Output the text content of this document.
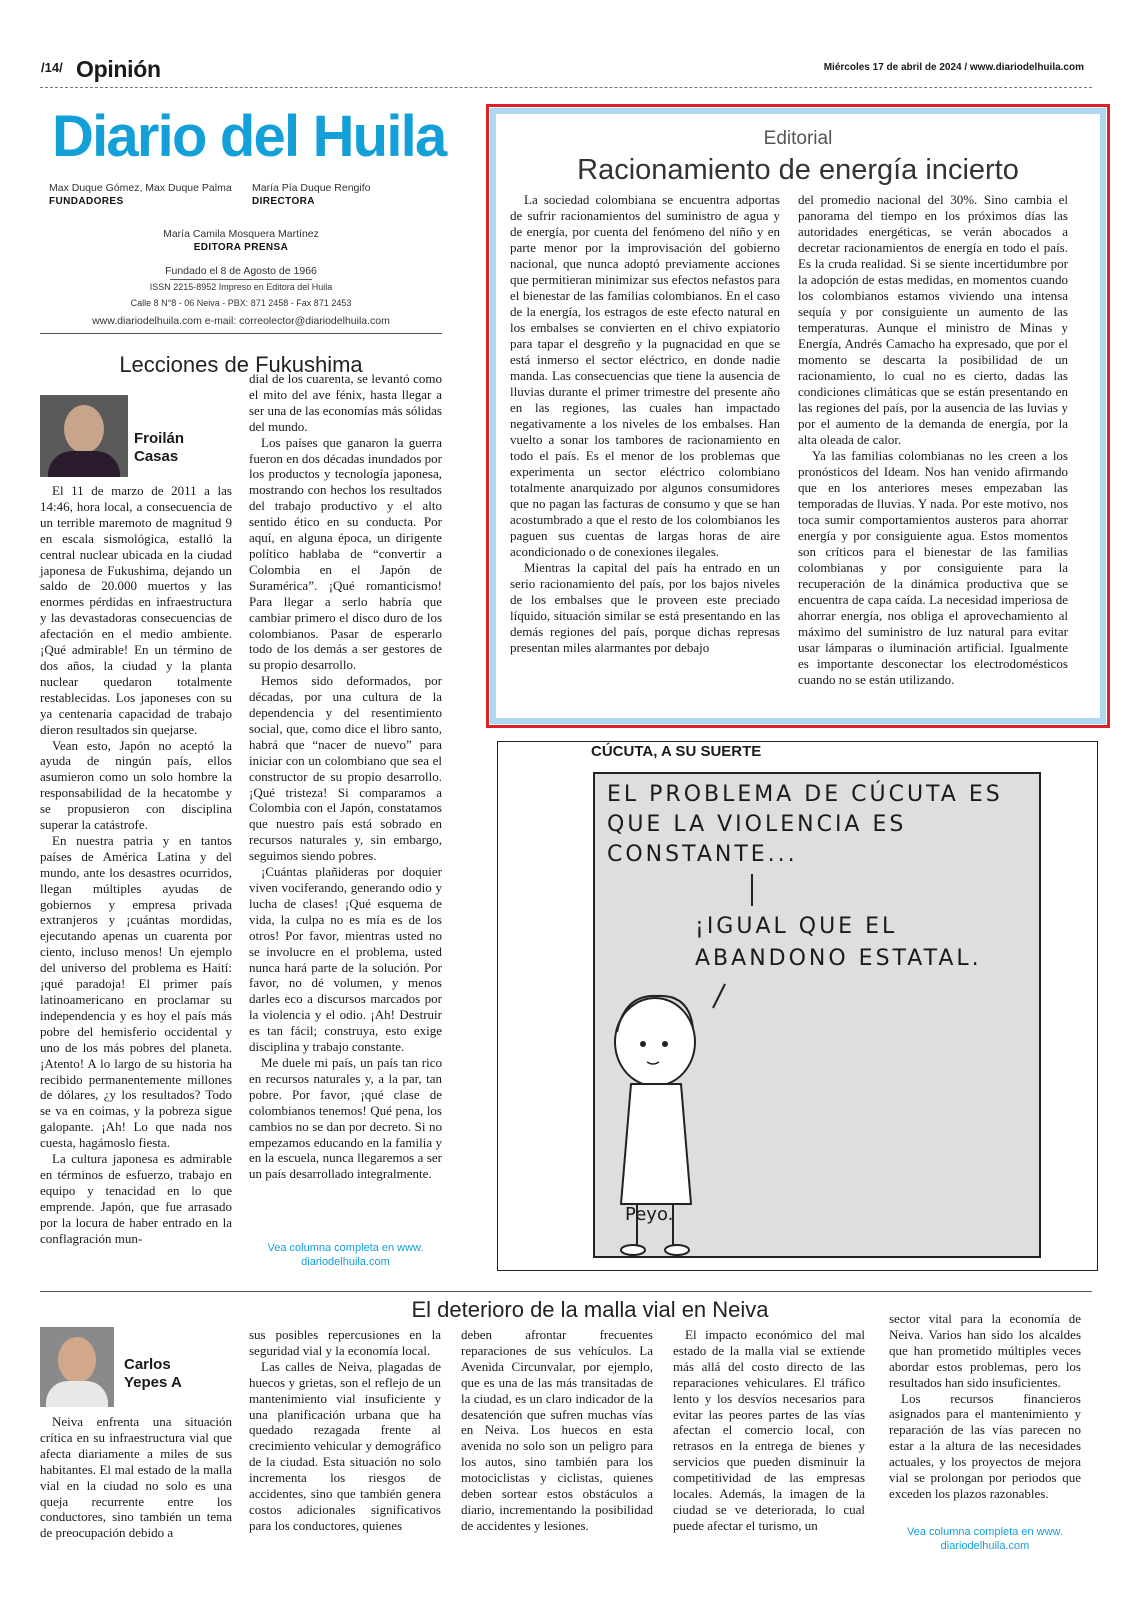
/14/ Opinión	Miércoles 17 de abril de 2024 / www.diariodelhuila.com
Diario del Huila
Max Duque Gómez, Max Duque Palma
FUNDADORES
María Pía Duque Rengifo
DIRECTORA
María Camila Mosquera Martínez
EDITORA PRENSA
Fundado el 8 de Agosto de 1966
ISSN 2215-8952 Impreso en Editora del Huila
Calle 8 N°8 - 06 Neiva - PBX: 871 2458 - Fax 871 2453
www.diariodelhuila.com e-mail: correolector@diariodelhuila.com
Editorial
Racionamiento de energía incierto

La sociedad colombiana se encuentra adportas de sufrir racionamientos del suministro de agua y de energía, por cuenta del fenómeno del niño y en parte menor por la improvisación del gobierno nacional, que nunca adoptó previamente acciones que permitieran minimizar sus efectos nefastos para el bienestar de las familias colombianos. En el caso de la energía, los estragos de este efecto natural en los embalses se convierten en el chivo expiatorio para tapar el desgreño y la pugnacidad en que se está inmerso el sector eléctrico, en donde nadie manda. Las consecuencias que tiene la ausencia de lluvias durante el primer trimestre del presente año en las regiones, las cuales han impactado negativamente a los niveles de los embalses. Han vuelto a sonar los tambores de racionamiento en todo el país. Es el menor de los problemas que experimenta un sector eléctrico colombiano totalmente anarquizado por algunos consumidores que no pagan las facturas de consumo y que se han acostumbrado a que el resto de los colombianos les paguen sus cuentas de largas horas de aire acondicionado o de conexiones ilegales.

Mientras la capital del país ha entrado en un serio racionamiento del país, por los bajos niveles de los embalses que le proveen este preciado líquido, situación similar se está presentando en las demás regiones del país, porque dichas represas presentan miles alarmantes por debajo

del promedio nacional del 30%. Sino cambia el panorama del tiempo en los próximos días las autoridades energéticas, se verán abocados a decretar racionamientos de energía en todo el país. Es la cruda realidad. Si se siente incertidumbre por la adopción de estas medidas, en momentos cuando los colombianos estamos viviendo una intensa sequía y por consiguiente un aumento de las temperaturas. Aunque el ministro de Minas y Energía, Andrés Camacho ha expresado, que por el momento se descarta la posibilidad de un racionamiento, lo cual no es cierto, dadas las condiciones climáticas que se están presentando en las regiones del país, por la ausencia de las luvias y por el aumento de la demanda de energía, por la alta oleada de calor.

Ya las familias colombianas no les creen a los pronósticos del Ideam. Nos han venido afirmando que en los anteriores meses empezaban las temporadas de lluvias. Y nada. Por este motivo, nos toca sumir comportamientos austeros para ahorrar energía y por consiguiente agua. Estos momentos son críticos para el bienestar de las familias colombianas y por consiguiente para la recuperación de la dinámica productiva que se encuentra de capa caída. La necesidad imperiosa de ahorrar energía, nos obliga el aprovechamiento al máximo del suministro de luz natural para evitar usar lámparas o iluminación artificial. Igualmente es importante desconectar los electrodomésticos cuando no se están utilizando.

CÚCUTA, A SU SUERTE
EL PROBLEMA DE CÚCUTA ES
QUE LA VIOLENCIA ES
CONSTANTE...
¡IGUAL QUE EL
ABANDONO ESTATAL.
Peyo.
Lecciones de Fukushima
Froilán
Casas

El 11 de marzo de 2011 a las 14:46, hora local, a consecuencia de un terrible maremoto de magnitud 9 en escala sismológica, estalló la central nuclear ubicada en la ciudad japonesa de Fukushima, dejando un saldo de 20.000 muertos y las enormes pérdidas en infraestructura y las devastadoras consecuencias de afectación en el medio ambiente. ¡Qué admirable! En un término de dos años, la ciudad y la planta nuclear quedaron totalmente restablecidas. Los japoneses con su ya centenaria capacidad de trabajo dieron resultados sin quejarse.

Vean esto, Japón no aceptó la ayuda de ningún país, ellos asumieron como un solo hombre la responsabilidad de la hecatombe y se propusieron con disciplina superar la catástrofe.

En nuestra patria y en tantos países de América Latina y del mundo, ante los desastres ocurridos, llegan múltiples ayudas de gobiernos y empresa privada extranjeros y ¡cuántas mordidas, ejecutando apenas un cuarenta por ciento, incluso menos! Un ejemplo del universo del problema es Haití: ¡qué paradoja! El primer país latinoamericano en proclamar su independencia y es hoy el país más pobre del hemisferio occidental y uno de los más pobres del planeta. ¡Atento! A lo largo de su historia ha recibido permanentemente millones de dólares, ¿y los resultados? Todo se va en coimas, y la pobreza sigue galopante. ¡Ah! Lo que nada nos cuesta, hagámoslo fiesta.

La cultura japonesa es admirable en términos de esfuerzo, trabajo en equipo y tenacidad en lo que emprende. Japón, que fue arrasado por la locura de haber entrado en la conflagración mun-

dial de los cuarenta, se levantó como el mito del ave fénix, hasta llegar a ser una de las economías más sólidas del mundo.

Los países que ganaron la guerra fueron en dos décadas inundados por los productos y tecnología japonesa, mostrando con hechos los resultados del trabajo productivo y el alto sentido ético en su conducta. Por aquí, en alguna época, un dirigente político hablaba de “convertir a Colombia en el Japón de Suramérica”. ¡Qué romanticismo! Para llegar a serlo habría que cambiar primero el disco duro de los colombianos. Pasar de esperarlo todo de los demás a ser gestores de su propio desarrollo.

Hemos sido deformados, por décadas, por una cultura de la dependencia y del resentimiento social, que, como dice el libro santo, habrá que “nacer de nuevo” para iniciar con un colombiano que sea el constructor de su propio desarrollo. ¡Qué tristeza! Si comparamos a Colombia con el Japón, constatamos que nuestro país está sobrado en recursos naturales y, sin embargo, seguimos siendo pobres.

¡Cuántas plañideras por doquier viven vociferando, generando odio y lucha de clases! ¡Qué esquema de vida, la culpa no es mía es de los otros! Por favor, mientras usted no se involucre en el problema, usted nunca hará parte de la solución. Por favor, no dé volumen, y menos darles eco a discursos marcados por la violencia y el odio. ¡Ah! Destruir es tan fácil; construya, esto exige disciplina y trabajo constante.

Me duele mi país, un país tan rico en recursos naturales y, a la par, tan pobre. Por favor, ¡qué clase de colombianos tenemos! Qué pena, los cambios no se dan por decreto. Si no empezamos educando en la familia y en la escuela, nunca llegaremos a ser un país desarrollado integralmente.

Vea columna completa en www.
diariodelhuila.com
El deterioro de la malla vial en Neiva
Carlos
Yepes A

Neiva enfrenta una situación crítica en su infraestructura vial que afecta diariamente a miles de sus habitantes. El mal estado de la malla vial en la ciudad no solo es una queja recurrente entre los conductores, sino también un tema de preocupación debido a

sus posibles repercusiones en la seguridad vial y la economía local.

Las calles de Neiva, plagadas de huecos y grietas, son el reflejo de un mantenimiento vial insuficiente y una planificación urbana que ha quedado rezagada frente al crecimiento vehicular y demográfico de la ciudad. Esta situación no solo incrementa los riesgos de accidentes, sino que también genera costos adicionales significativos para los conductores, quienes

deben afrontar frecuentes reparaciones de sus vehículos. La Avenida Circunvalar, por ejemplo, que es una de las más transitadas de la ciudad, es un claro indicador de la desatención que sufren muchas vías en Neiva. Los huecos en esta avenida no solo son un peligro para los autos, sino también para los motociclistas y ciclistas, quienes deben sortear estos obstáculos a diario, incrementando la posibilidad de accidentes y lesiones.

El impacto económico del mal estado de la malla vial se extiende más allá del costo directo de las reparaciones vehiculares. El tráfico lento y los desvíos necesarios para evitar las peores partes de las vías afectan el comercio local, con retrasos en la entrega de bienes y servicios que pueden disminuir la competitividad de las empresas locales. Además, la imagen de la ciudad se ve deteriorada, lo cual puede afectar el turismo, un

sector vital para la economía de Neiva. Varios han sido los alcaldes que han prometido múltiples veces abordar estos problemas, pero los resultados han sido insuficientes.

Los recursos financieros asignados para el mantenimiento y reparación de las vías parecen no estar a la altura de las necesidades actuales, y los proyectos de mejora vial se prolongan por periodos que exceden los plazos razonables.

Vea columna completa en www.
diariodelhuila.com
